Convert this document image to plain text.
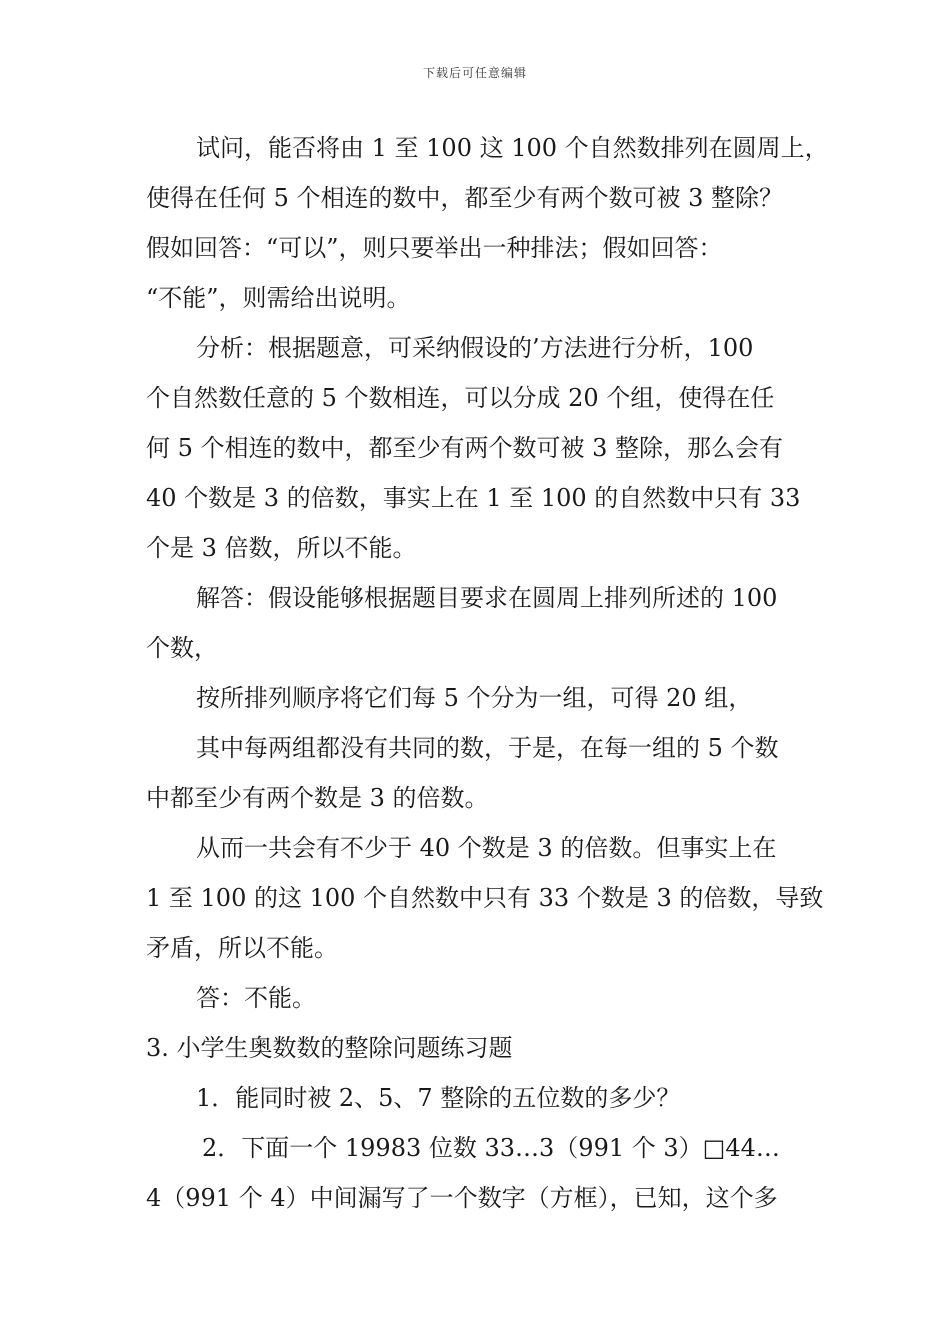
下载后可任意编辑

试问，能否将由 1 至 100 这 100 个自然数排列在圆周上，

使得在任何 5 个相连的数中，都至少有两个数可被 3 整除？

假如回答：“可以”，则只要举出一种排法；假如回答：

“不能”，则需给出说明。

分析：根据题意，可采纳假设的’方法进行分析，100

个自然数任意的 5 个数相连，可以分成 20 个组，使得在任

何 5 个相连的数中，都至少有两个数可被 3 整除，那么会有

40 个数是 3 的倍数，事实上在 1 至 100 的自然数中只有 33

个是 3 倍数，所以不能。

解答：假设能够根据题目要求在圆周上排列所述的 100

个数，

按所排列顺序将它们每 5 个分为一组，可得 20 组，

其中每两组都没有共同的数，于是，在每一组的 5 个数

中都至少有两个数是 3 的倍数。

从而一共会有不少于 40 个数是 3 的倍数。但事实上在

1 至 100 的这 100 个自然数中只有 33 个数是 3 的倍数，导致

矛盾，所以不能。

答：不能。

3. 小学生奥数数的整除问题练习题

1．能同时被 2、5、7 整除的五位数的多少？

2．下面一个 19983 位数 33…3（991 个 3）□44…

4（991 个 4）中间漏写了一个数字（方框），已知，这个多
